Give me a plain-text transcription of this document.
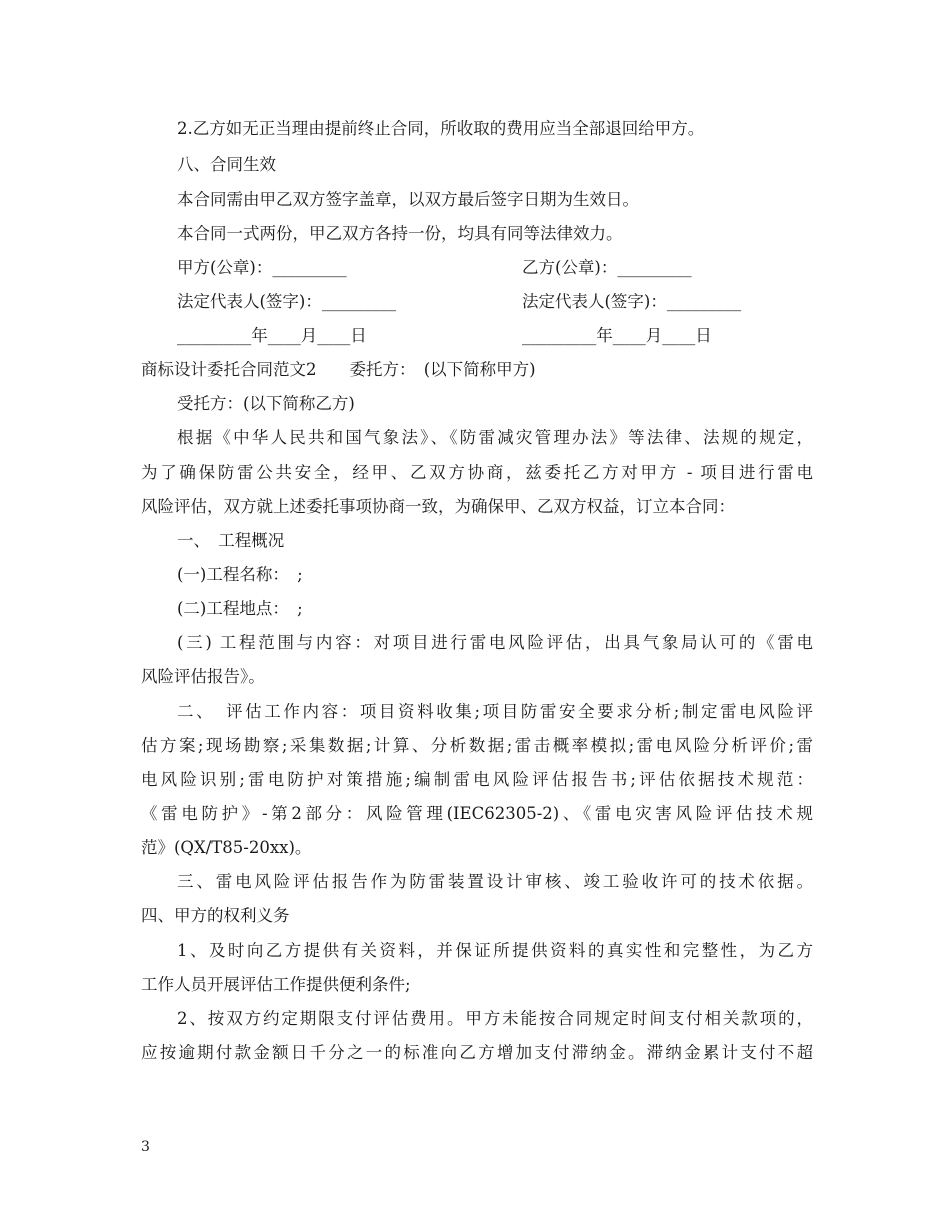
2.乙方如无正当理由提前终止合同，所收取的费用应当全部退回给甲方。
八、合同生效
本合同需由甲乙双方签字盖章，以双方最后签字日期为生效日。
本合同一式两份，甲乙双方各持一份，均具有同等法律效力。
甲方(公章)：_________	乙方(公章)：_________
法定代表人(签字)：_________	法定代表人(签字)：_________
_________年____月____日	_________年____月____日
商标设计委托合同范文2　　委托方：　(以下简称甲方)
受托方：(以下简称乙方)
根据《中华人民共和国气象法》、《防雷减灾管理办法》等法律、法规的规定，
为了确保防雷公共安全，经甲、乙双方协商，兹委托乙方对甲方 - 项目进行雷电
风险评估，双方就上述委托事项协商一致，为确保甲、乙双方权益，订立本合同：
一、　工程概况
(一)工程名称：　;
(二)工程地点：　;
(三) 工程范围与内容：对项目进行雷电风险评估，出具气象局认可的《雷电
风险评估报告》。
二、　评估工作内容：项目资料收集;项目防雷安全要求分析;制定雷电风险评
估方案;现场勘察;采集数据;计算、分析数据;雷击概率模拟;雷电风险分析评价;雷
电风险识别;雷电防护对策措施;编制雷电风险评估报告书;评估依据技术规范：
《雷电防护》-第2部分：风险管理(IEC62305-2)、《雷电灾害风险评估技术规
范》(QX/T85-20xx)。
三、雷电风险评估报告作为防雷装置设计审核、竣工验收许可的技术依据。
四、甲方的权利义务
1、及时向乙方提供有关资料，并保证所提供资料的真实性和完整性，为乙方
工作人员开展评估工作提供便利条件;
2、按双方约定期限支付评估费用。甲方未能按合同规定时间支付相关款项的，
应按逾期付款金额日千分之一的标准向乙方增加支付滞纳金。滞纳金累计支付不超
3
